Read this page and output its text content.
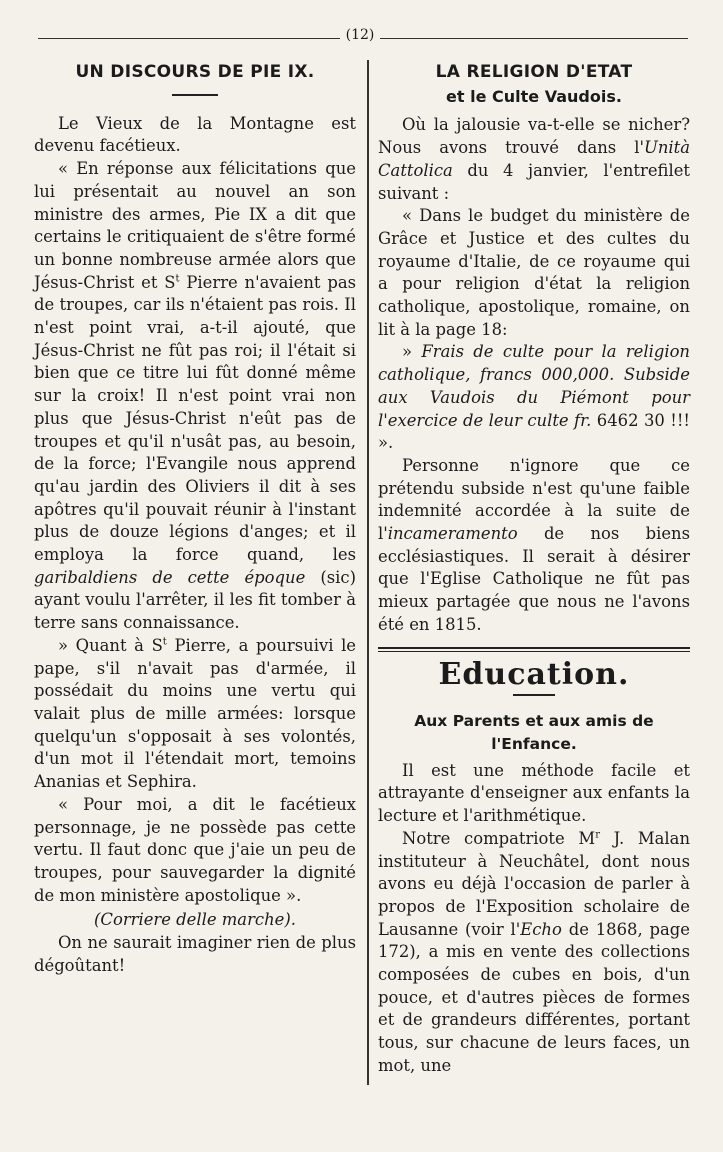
(12)
UN DISCOURS DE PIE IX.

Le Vieux de la Montagne est devenu facétieux.

« En réponse aux félicitations que lui présentait au nouvel an son ministre des armes, Pie IX a dit que certains le critiquaient de s'être formé un bonne nombreuse armée alors que Jésus-Christ et $S^t$ Pierre n'avaient pas de troupes, car ils n'étaient pas rois. Il n'est point vrai, a-t-il ajouté, que Jésus-Christ ne fût pas roi; il l'était si bien que ce titre lui fût donné même sur la croix! Il n'est point vrai non plus que Jésus-Christ n'eût pas de troupes et qu'il n'usât pas, au besoin, de la force; l'Evangile nous apprend qu'au jardin des Oliviers il dit à ses apôtres qu'il pouvait réunir à l'instant plus de douze légions d'anges; et il employa la force quand, les garibaldiens de cette époque (sic) ayant voulu l'arrêter, il les fit tomber à terre sans connaissance.

» Quant à $S^t$ Pierre, a poursuivi le pape, s'il n'avait pas d'armée, il possédait du moins une vertu qui valait plus de mille armées: lorsque quelqu'un s'opposait à ses volontés, d'un mot il l'étendait mort, temoins Ananias et Sephira.

« Pour moi, a dit le facétieux personnage, je ne possède pas cette vertu. Il faut donc que j'aie un peu de troupes, pour sauvegarder la dignité de mon ministère apostolique ».

(Corriere delle marche).

On ne saurait imaginer rien de plus dégoûtant!

LA RELIGION D'ETAT
et le Culte Vaudois.

Où la jalousie va-t-elle se nicher? Nous avons trouvé dans l'Unità Cattolica du 4 janvier, l'entrefilet suivant :

« Dans le budget du ministère de Grâce et Justice et des cultes du royaume d'Italie, de ce royaume qui a pour religion d'état la religion catholique, apostolique, romaine, on lit à la page 18:

» Frais de culte pour la religion catholique, francs 000,000. Subside aux Vaudois du Piémont pour l'exercice de leur culte fr. 6462 30 !!! ».

Personne n'ignore que ce prétendu subside n'est qu'une faible indemnité accordée à la suite de l'incameramento de nos biens ecclésiastiques. Il serait à désirer que l'Eglise Catholique ne fût pas mieux partagée que nous ne l'avons été en 1815.

Education.
Aux Parents et aux amis de l'Enfance.

Il est une méthode facile et attrayante d'enseigner aux enfants la lecture et l'arithmétique.

Notre compatriote $M^r$ J. Malan instituteur à Neuchâtel, dont nous avons eu déjà l'occasion de parler à propos de l'Exposition scholaire de Lausanne (voir l'Echo de 1868, page 172), a mis en vente des collections composées de cubes en bois, d'un pouce, et d'autres pièces de formes et de grandeurs différentes, portant tous, sur chacune de leurs faces, un mot, une
